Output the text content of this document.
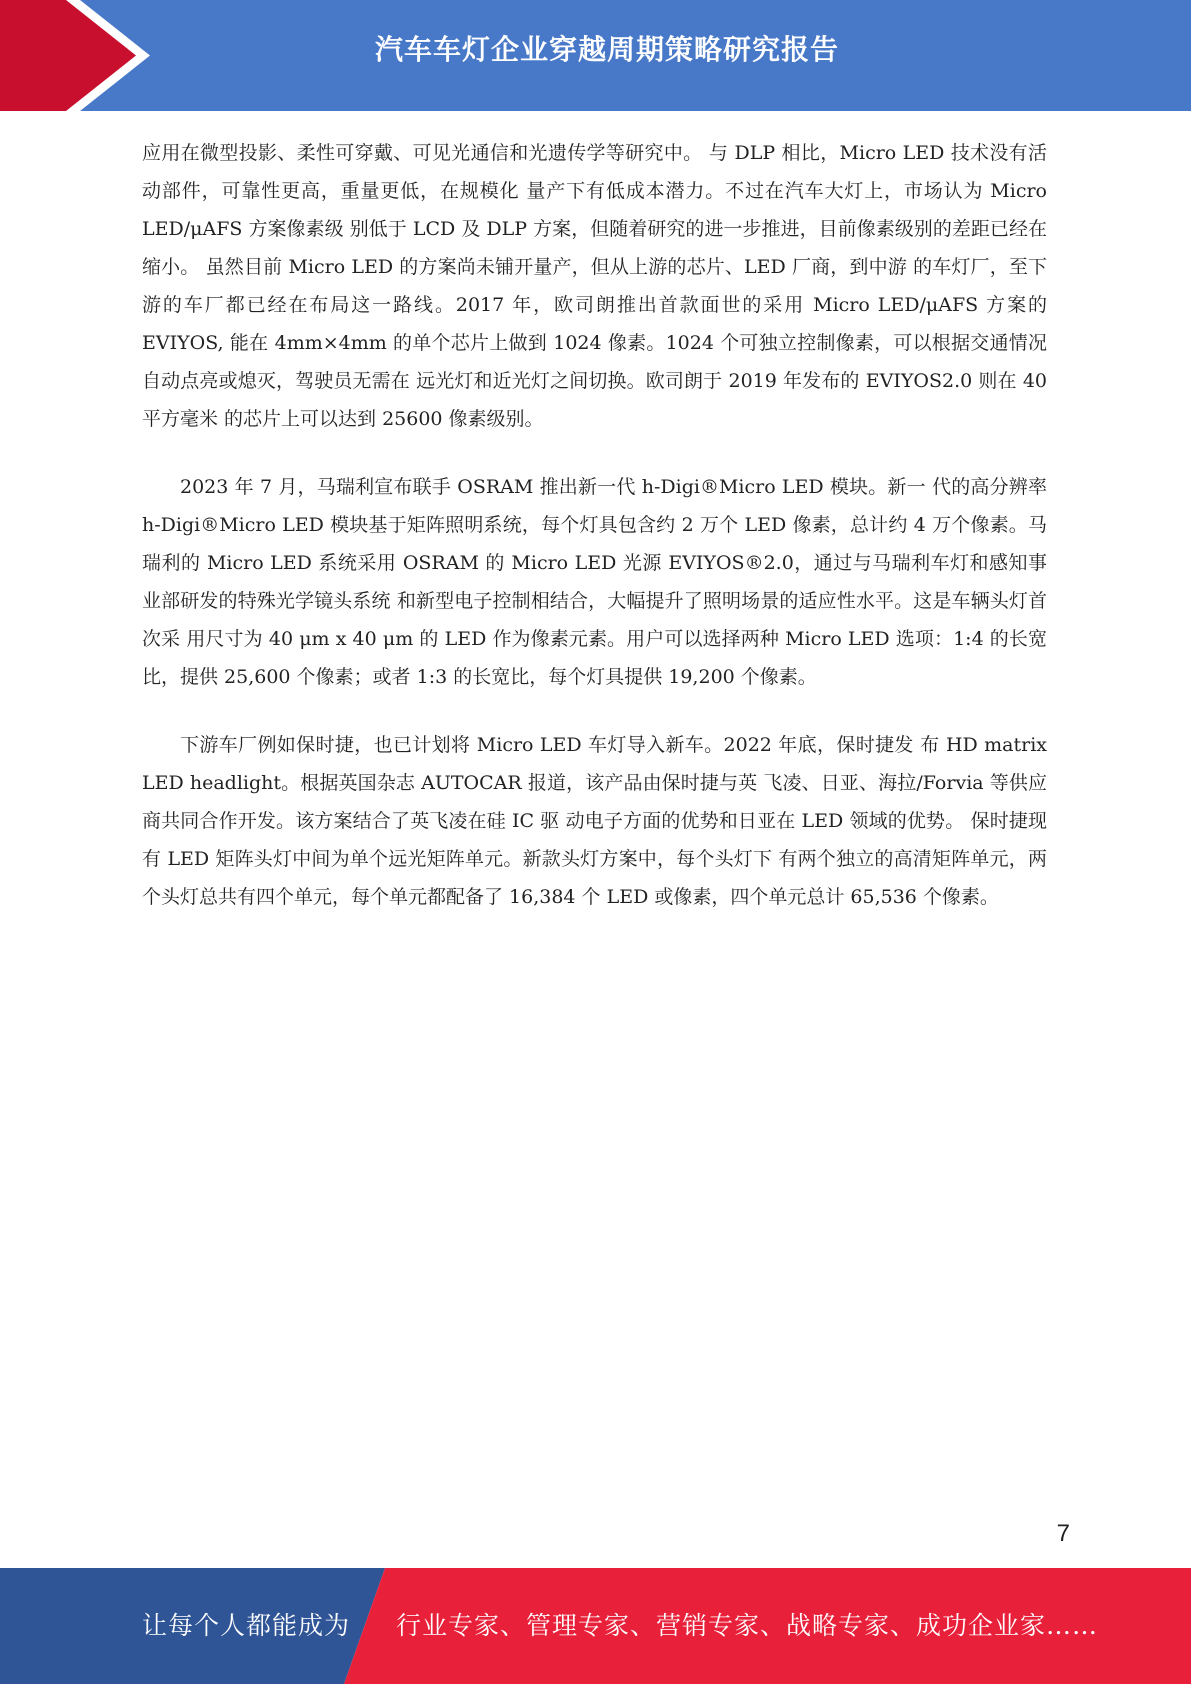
汽车车灯企业穿越周期策略研究报告

应用在微型投影、柔性可穿戴、可见光通信和光遗传学等研究中。 与 DLP 相比，Micro LED 技术没有活动部件，可靠性更高，重量更低，在规模化 量产下有低成本潜力。不过在汽车大灯上，市场认为 Micro LED/μAFS 方案像素级 别低于 LCD 及 DLP 方案，但随着研究的进一步推进，目前像素级别的差距已经在 缩小。 虽然目前 Micro LED 的方案尚未铺开量产，但从上游的芯片、LED 厂商，到中游 的车灯厂，至下游的车厂都已经在布局这一路线。2017 年，欧司朗推出首款面世的采用 Micro LED/μAFS 方案的 EVIYOS, 能在 4mm×4mm 的单个芯片上做到 1024 像素。1024 个可独立控制像素，可以根据交通情况自动点亮或熄灭，驾驶员无需在 远光灯和近光灯之间切换。欧司朗于 2019 年发布的 EVIYOS2.0 则在 40 平方毫米 的芯片上可以达到 25600 像素级别。

2023 年 7 月，马瑞利宣布联手 OSRAM 推出新一代 h-Digi®Micro LED 模块。新一 代的高分辨率 h-Digi®Micro LED 模块基于矩阵照明系统，每个灯具包含约 2 万个 LED 像素，总计约 4 万个像素。马瑞利的 Micro LED 系统采用 OSRAM 的 Micro LED 光源 EVIYOS®2.0，通过与马瑞利车灯和感知事业部研发的特殊光学镜头系统 和新型电子控制相结合，大幅提升了照明场景的适应性水平。这是车辆头灯首次采 用尺寸为 40 μm x 40 μm 的 LED 作为像素元素。用户可以选择两种 Micro LED 选项：1:4 的长宽比，提供 25,600 个像素；或者 1:3 的长宽比，每个灯具提供 19,200 个像素。

下游车厂例如保时捷，也已计划将 Micro LED 车灯导入新车。2022 年底，保时捷发 布 HD matrix LED headlight。根据英国杂志 AUTOCAR 报道，该产品由保时捷与英 飞凌、日亚、海拉/Forvia 等供应商共同合作开发。该方案结合了英飞凌在硅 IC 驱 动电子方面的优势和日亚在 LED 领域的优势。 保时捷现有 LED 矩阵头灯中间为单个远光矩阵单元。新款头灯方案中，每个头灯下 有两个独立的高清矩阵单元，两个头灯总共有四个单元，每个单元都配备了 16,384 个 LED 或像素，四个单元总计 65,536 个像素。

7
让每个人都能成为 行业专家、管理专家、营销专家、战略专家、成功企业家……
